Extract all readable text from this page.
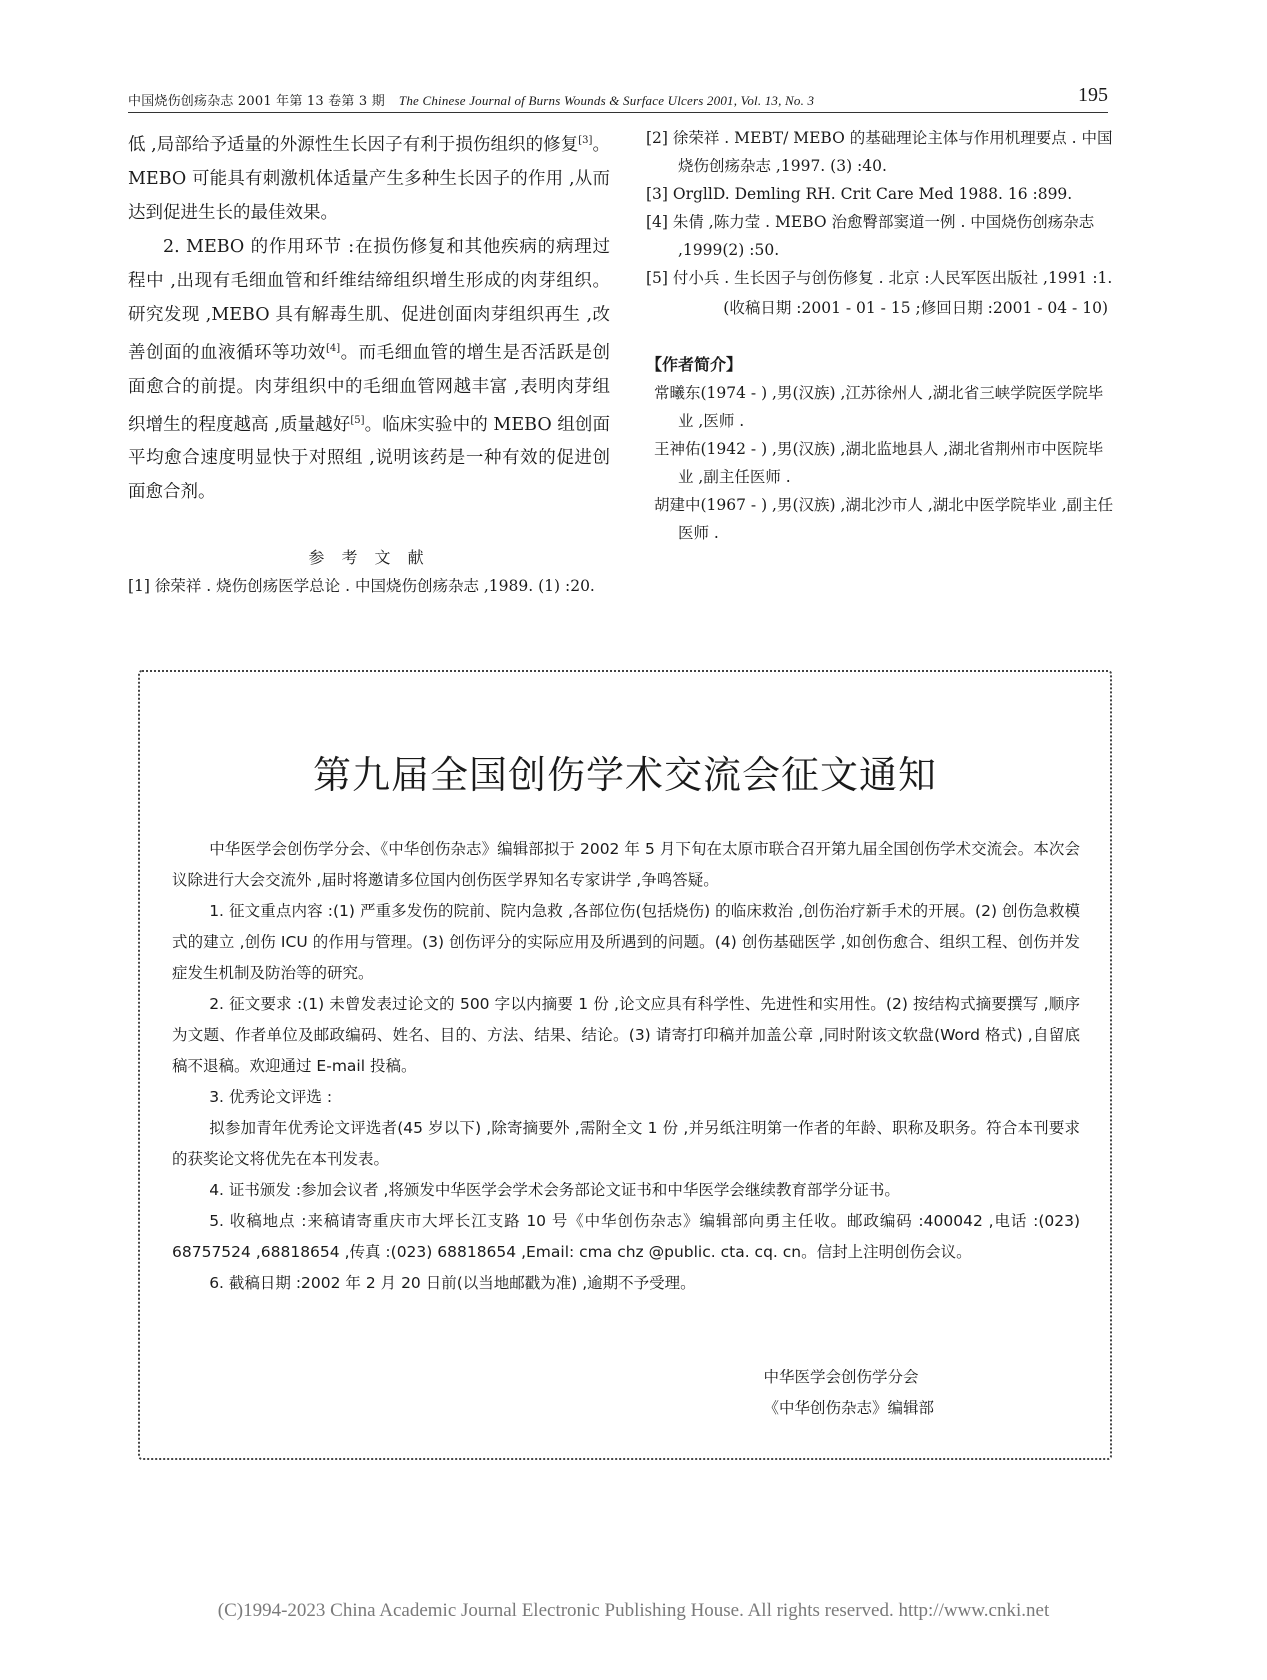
中国烧伤创疡杂志 2001 年第 13 卷第 3 期 The Chinese Journal of Burns Wounds & Surface Ulcers 2001, Vol. 13, No. 3	195

低 ,局部给予适量的外源性生长因子有利于损伤组织的修复[3]。MEBO 可能具有刺激机体适量产生多种生长因子的作用 ,从而达到促进生长的最佳效果。

2. MEBO 的作用环节 :在损伤修复和其他疾病的病理过程中 ,出现有毛细血管和纤维结缔组织增生形成的肉芽组织。研究发现 ,MEBO 具有解毒生肌、促进创面肉芽组织再生 ,改善创面的血液循环等功效[4]。而毛细血管的增生是否活跃是创面愈合的前提。肉芽组织中的毛细血管网越丰富 ,表明肉芽组织增生的程度越高 ,质量越好[5]。临床实验中的 MEBO 组创面平均愈合速度明显快于对照组 ,说明该药是一种有效的促进创面愈合剂。

参 考 文 献

[1] 徐荣祥 . 烧伤创疡医学总论 . 中国烧伤创疡杂志 ,1989. (1) :20.

[2] 徐荣祥 . MEBT/ MEBO 的基础理论主体与作用机理要点 . 中国烧伤创疡杂志 ,1997. (3) :40.

[3] OrgllD. Demling RH. Crit Care Med 1988. 16 :899.

[4] 朱倩 ,陈力莹 . MEBO 治愈臀部窦道一例 . 中国烧伤创疡杂志 ,1999(2) :50.

[5] 付小兵 . 生长因子与创伤修复 . 北京 :人民军医出版社 ,1991 :1.

(收稿日期 :2001 - 01 - 15 ;修回日期 :2001 - 04 - 10)

【作者简介】

常曦东(1974 - ) ,男(汉族) ,江苏徐州人 ,湖北省三峡学院医学院毕业 ,医师 .

王神佑(1942 - ) ,男(汉族) ,湖北监地县人 ,湖北省荆州市中医院毕业 ,副主任医师 .

胡建中(1967 - ) ,男(汉族) ,湖北沙市人 ,湖北中医学院毕业 ,副主任医师 .

第九届全国创伤学术交流会征文通知

中华医学会创伤学分会、《中华创伤杂志》编辑部拟于 2002 年 5 月下旬在太原市联合召开第九届全国创伤学术交流会。本次会议除进行大会交流外 ,届时将邀请多位国内创伤医学界知名专家讲学 ,争鸣答疑。

1. 征文重点内容 :(1) 严重多发伤的院前、院内急救 ,各部位伤(包括烧伤) 的临床救治 ,创伤治疗新手术的开展。(2) 创伤急救模式的建立 ,创伤 ICU 的作用与管理。(3) 创伤评分的实际应用及所遇到的问题。(4) 创伤基础医学 ,如创伤愈合、组织工程、创伤并发症发生机制及防治等的研究。

2. 征文要求 :(1) 未曾发表过论文的 500 字以内摘要 1 份 ,论文应具有科学性、先进性和实用性。(2) 按结构式摘要撰写 ,顺序为文题、作者单位及邮政编码、姓名、目的、方法、结果、结论。(3) 请寄打印稿并加盖公章 ,同时附该文软盘(Word 格式) ,自留底稿不退稿。欢迎通过 E-mail 投稿。

3. 优秀论文评选 :

拟参加青年优秀论文评选者(45 岁以下) ,除寄摘要外 ,需附全文 1 份 ,并另纸注明第一作者的年龄、职称及职务。符合本刊要求的获奖论文将优先在本刊发表。

4. 证书颁发 :参加会议者 ,将颁发中华医学会学术会务部论文证书和中华医学会继续教育部学分证书。

5. 收稿地点 :来稿请寄重庆市大坪长江支路 10 号《中华创伤杂志》编辑部向勇主任收。邮政编码 :400042 ,电话 :(023) 68757524 ,68818654 ,传真 :(023) 68818654 ,Email: cma chz @public. cta. cq. cn。信封上注明创伤会议。

6. 截稿日期 :2002 年 2 月 20 日前(以当地邮戳为准) ,逾期不予受理。

中华医学会创伤学分会
《中华创伤杂志》编辑部
(C)1994-2023 China Academic Journal Electronic Publishing House. All rights reserved. http://www.cnki.net
